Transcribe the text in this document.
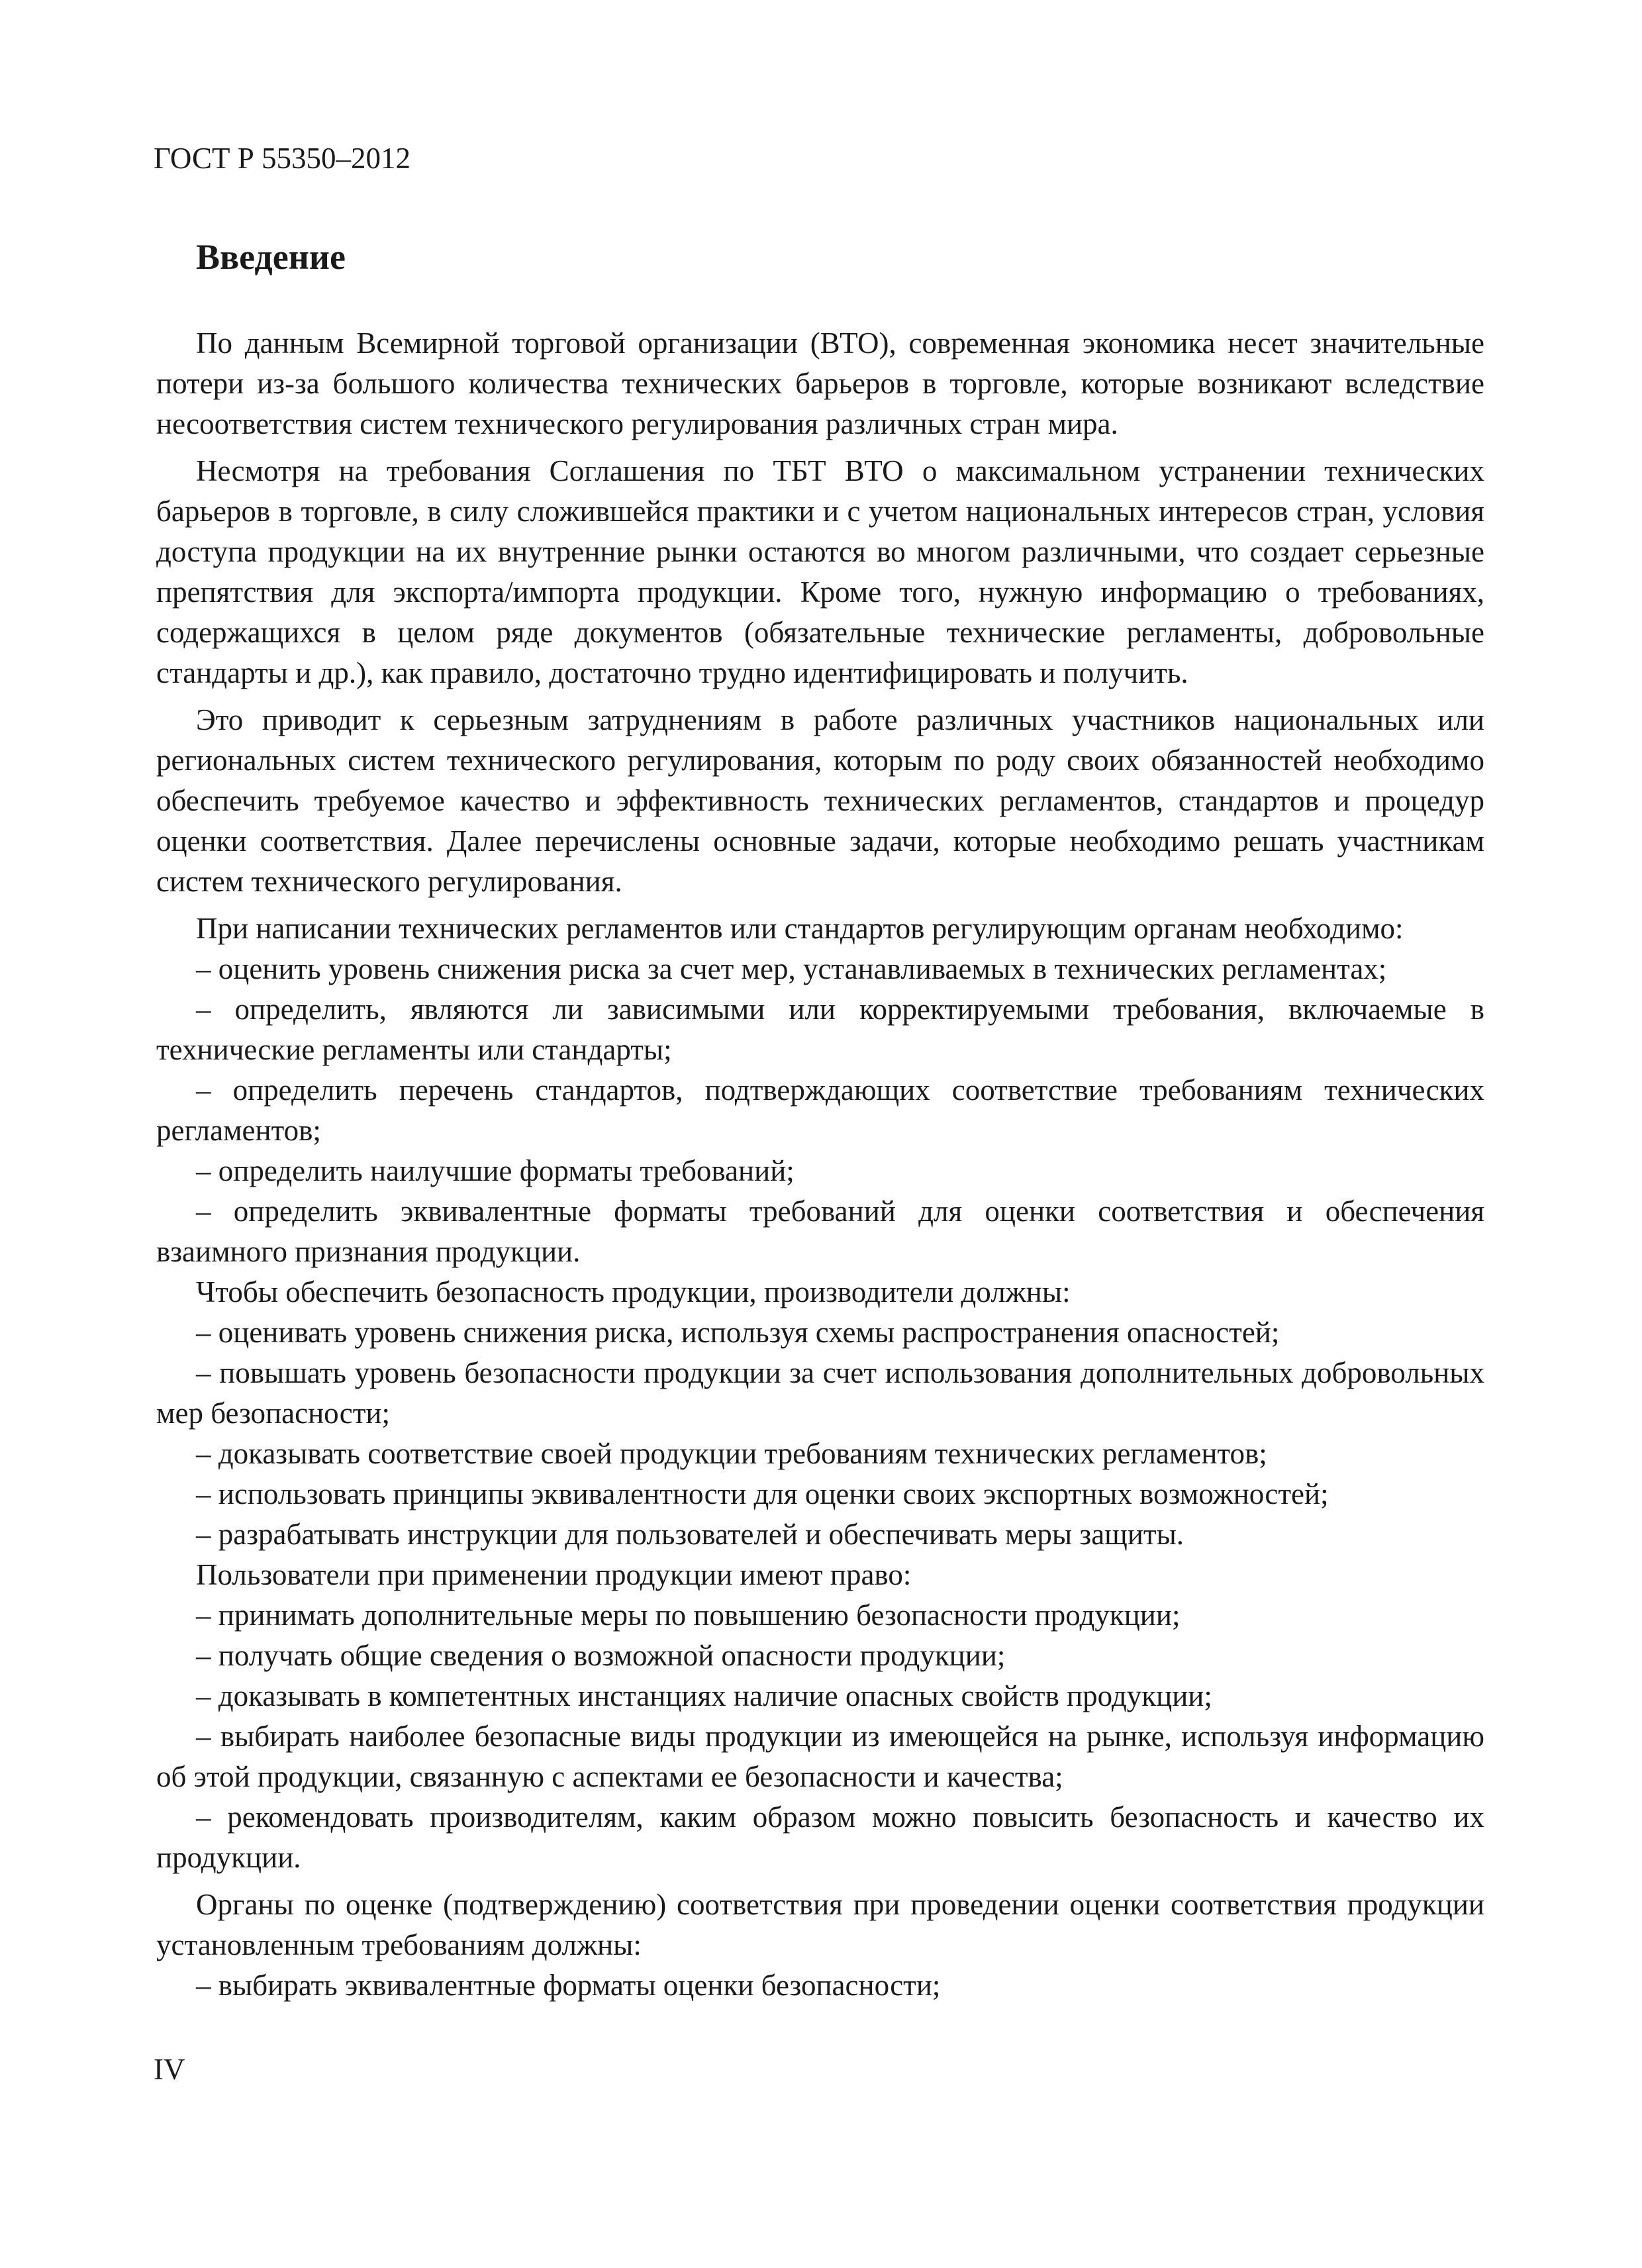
ГОСТ Р 55350–2012
Введение

По данным Всемирной торговой организации (ВТО), современная экономика несет значительные потери из-за большого количества технических барьеров в торговле, которые возникают вследствие несоответствия систем технического регулирования различных стран мира.

Несмотря на требования Соглашения по ТБТ ВТО о максимальном устранении технических барьеров в торговле, в силу сложившейся практики и с учетом национальных интересов стран, условия доступа продукции на их внутренние рынки остаются во многом различными, что создает серьезные препятствия для экспорта/импорта продукции. Кроме того, нужную информацию о требованиях, содержащихся в целом ряде документов (обязательные технические регламенты, добровольные стандарты и др.), как правило, достаточно трудно идентифицировать и получить.

Это приводит к серьезным затруднениям в работе различных участников национальных или региональных систем технического регулирования, которым по роду своих обязанностей необходимо обеспечить требуемое качество и эффективность технических регламентов, стандартов и процедур оценки соответствия. Далее перечислены основные задачи, которые необходимо решать участникам систем технического регулирования.

При написании технических регламентов или стандартов регулирующим органам необходимо:

– оценить уровень снижения риска за счет мер, устанавливаемых в технических регламентах;

– определить, являются ли зависимыми или корректируемыми требования, включаемые в технические регламенты или стандарты;

– определить перечень стандартов, подтверждающих соответствие требованиям технических регламентов;

– определить наилучшие форматы требований;

– определить эквивалентные форматы требований для оценки соответствия и обеспечения взаимного признания продукции.

Чтобы обеспечить безопасность продукции, производители должны:

– оценивать уровень снижения риска, используя схемы распространения опасностей;

– повышать уровень безопасности продукции за счет использования дополнительных добровольных мер безопасности;

– доказывать соответствие своей продукции требованиям технических регламентов;

– использовать принципы эквивалентности для оценки своих экспортных возможностей;

– разрабатывать инструкции для пользователей и обеспечивать меры защиты.

Пользователи при применении продукции имеют право:

– принимать дополнительные меры по повышению безопасности продукции;

– получать общие сведения о возможной опасности продукции;

– доказывать в компетентных инстанциях наличие опасных свойств продукции;

– выбирать наиболее безопасные виды продукции из имеющейся на рынке, используя информацию об этой продукции, связанную с аспектами ее безопасности и качества;

– рекомендовать производителям, каким образом можно повысить безопасность и качество их продукции.

Органы по оценке (подтверждению) соответствия при проведении оценки соответствия продукции установленным требованиям должны:

– выбирать эквивалентные форматы оценки безопасности;

IV
